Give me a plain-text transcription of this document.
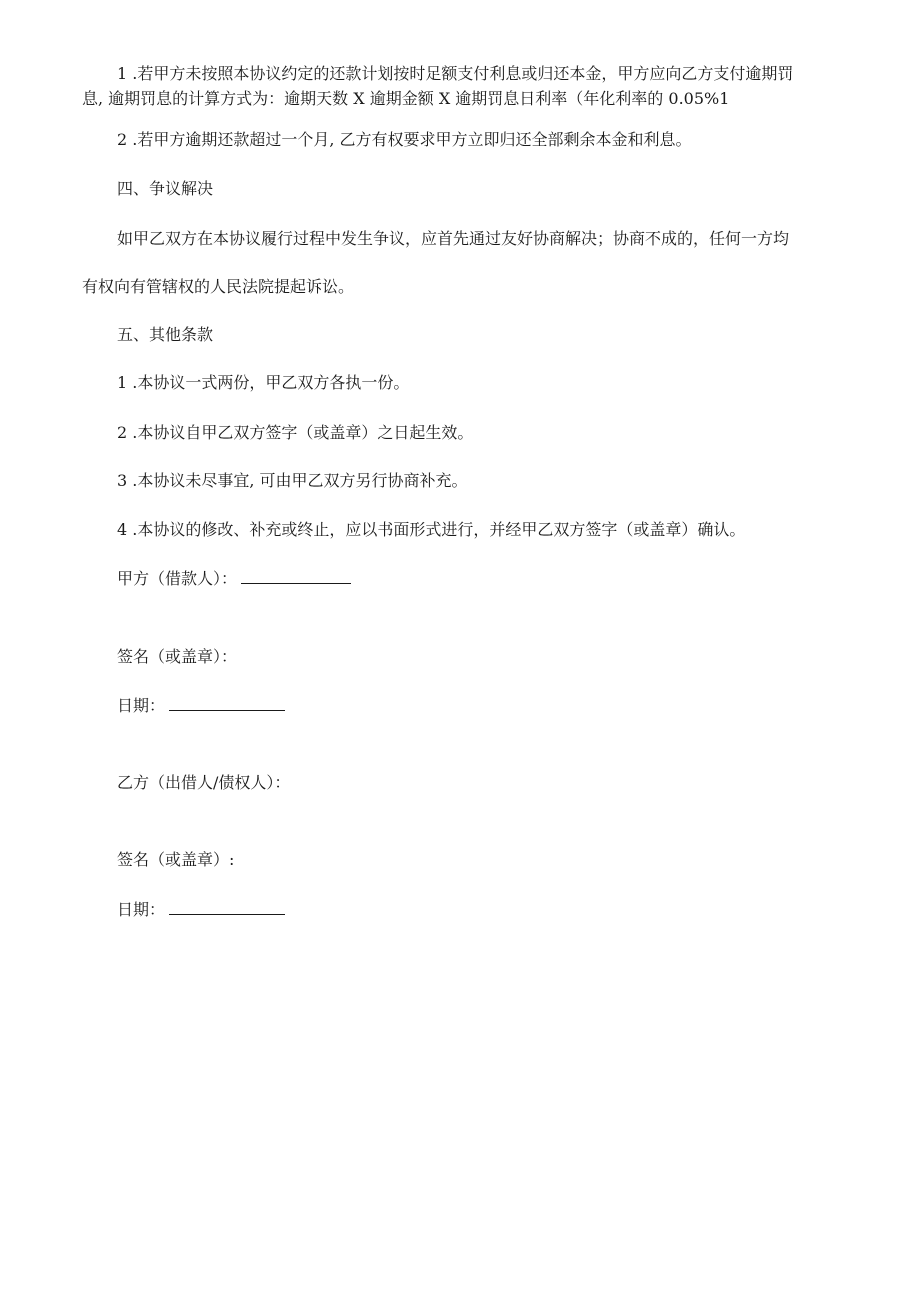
1 .若甲方未按照本协议约定的还款计划按时足额支付利息或归还本金，甲方应向乙方支付逾期罚
息, 逾期罚息的计算方式为：逾期天数 X 逾期金额 X 逾期罚息日利率（年化利率的 0.05%1
2 .若甲方逾期还款超过一个月, 乙方有权要求甲方立即归还全部剩余本金和利息。
四、争议解决
如甲乙双方在本协议履行过程中发生争议，应首先通过友好协商解决；协商不成的，任何一方均
有权向有管辖权的人民法院提起诉讼。
五、其他条款
1 .本协议一式两份，甲乙双方各执一份。
2 .本协议自甲乙双方签字（或盖章）之日起生效。
3 .本协议未尽事宜, 可由甲乙双方另行协商补充。
4 .本协议的修改、补充或终止，应以书面形式进行，并经甲乙双方签字（或盖章）确认。
甲方（借款人）：
签名（或盖章）：
日期：
乙方（出借人/债权人）：
签名（或盖章）:
日期：
